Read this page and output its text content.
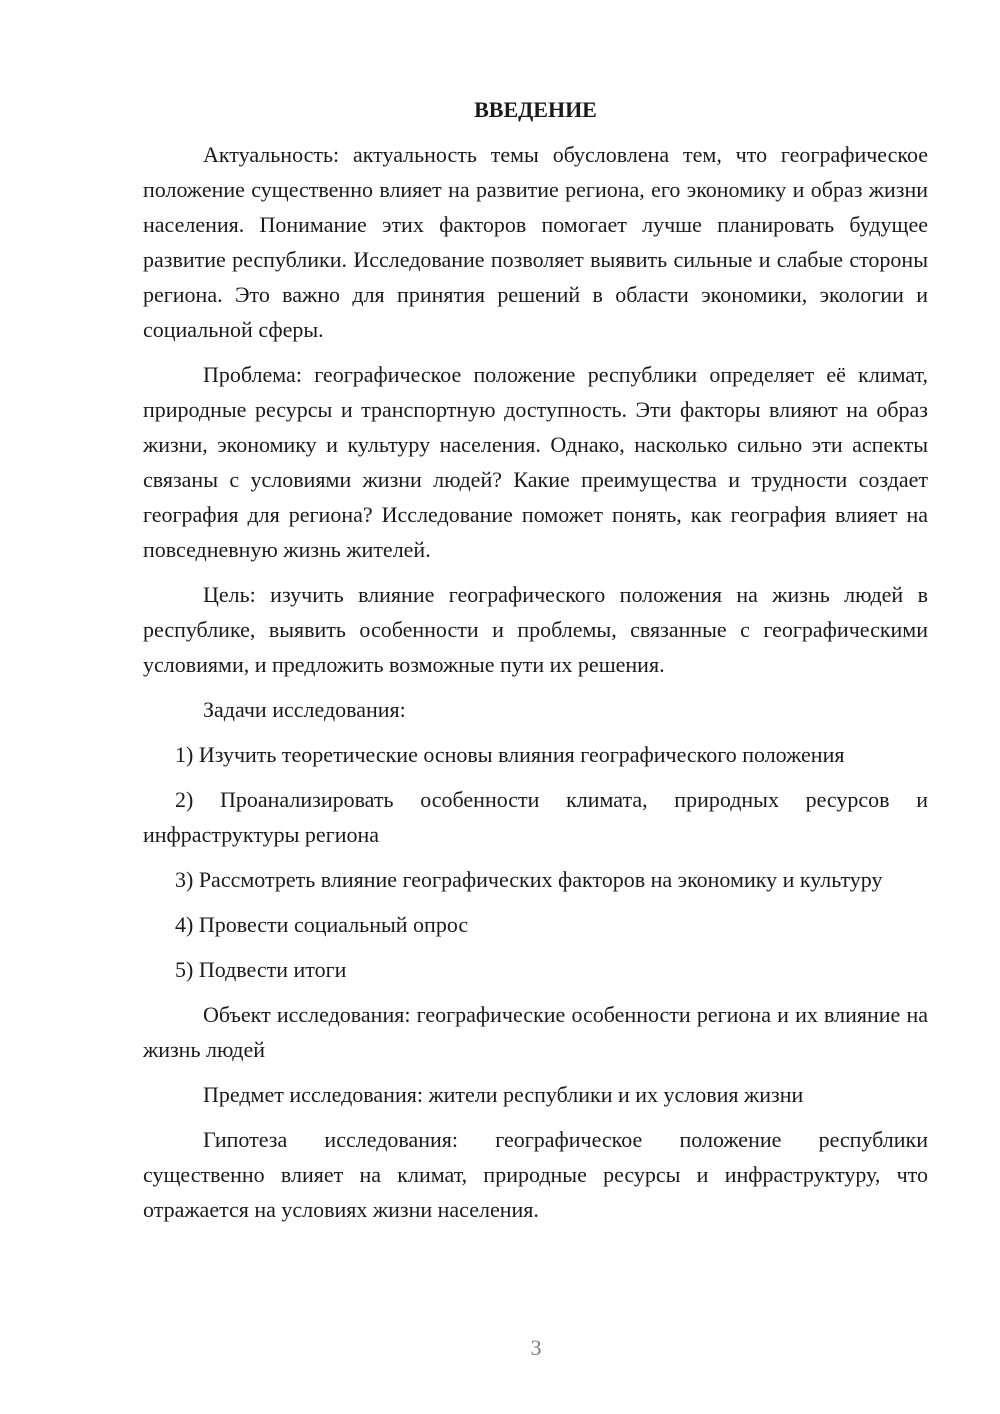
ВВЕДЕНИЕ

Актуальность: актуальность темы обусловлена тем, что географическое положение существенно влияет на развитие региона, его экономику и образ жизни населения. Понимание этих факторов помогает лучше планировать будущее развитие республики. Исследование позволяет выявить сильные и слабые стороны региона. Это важно для принятия решений в области экономики, экологии и социальной сферы.

Проблема: географическое положение республики определяет её климат, природные ресурсы и транспортную доступность. Эти факторы влияют на образ жизни, экономику и культуру населения. Однако, насколько сильно эти аспекты связаны с условиями жизни людей? Какие преимущества и трудности создает география для региона? Исследование поможет понять, как география влияет на повседневную жизнь жителей.

Цель: изучить влияние географического положения на жизнь людей в республике, выявить особенности и проблемы, связанные с географическими условиями, и предложить возможные пути их решения.

Задачи исследования:

1) Изучить теоретические основы влияния географического положения

2) Проанализировать особенности климата, природных ресурсов и инфраструктуры региона

3) Рассмотреть влияние географических факторов на экономику и культуру

4) Провести социальный опрос

5) Подвести итоги

Объект исследования: географические особенности региона и их влияние на жизнь людей

Предмет исследования: жители республики и их условия жизни

Гипотеза исследования: географическое положение республики существенно влияет на климат, природные ресурсы и инфраструктуру, что отражается на условиях жизни населения.

3
